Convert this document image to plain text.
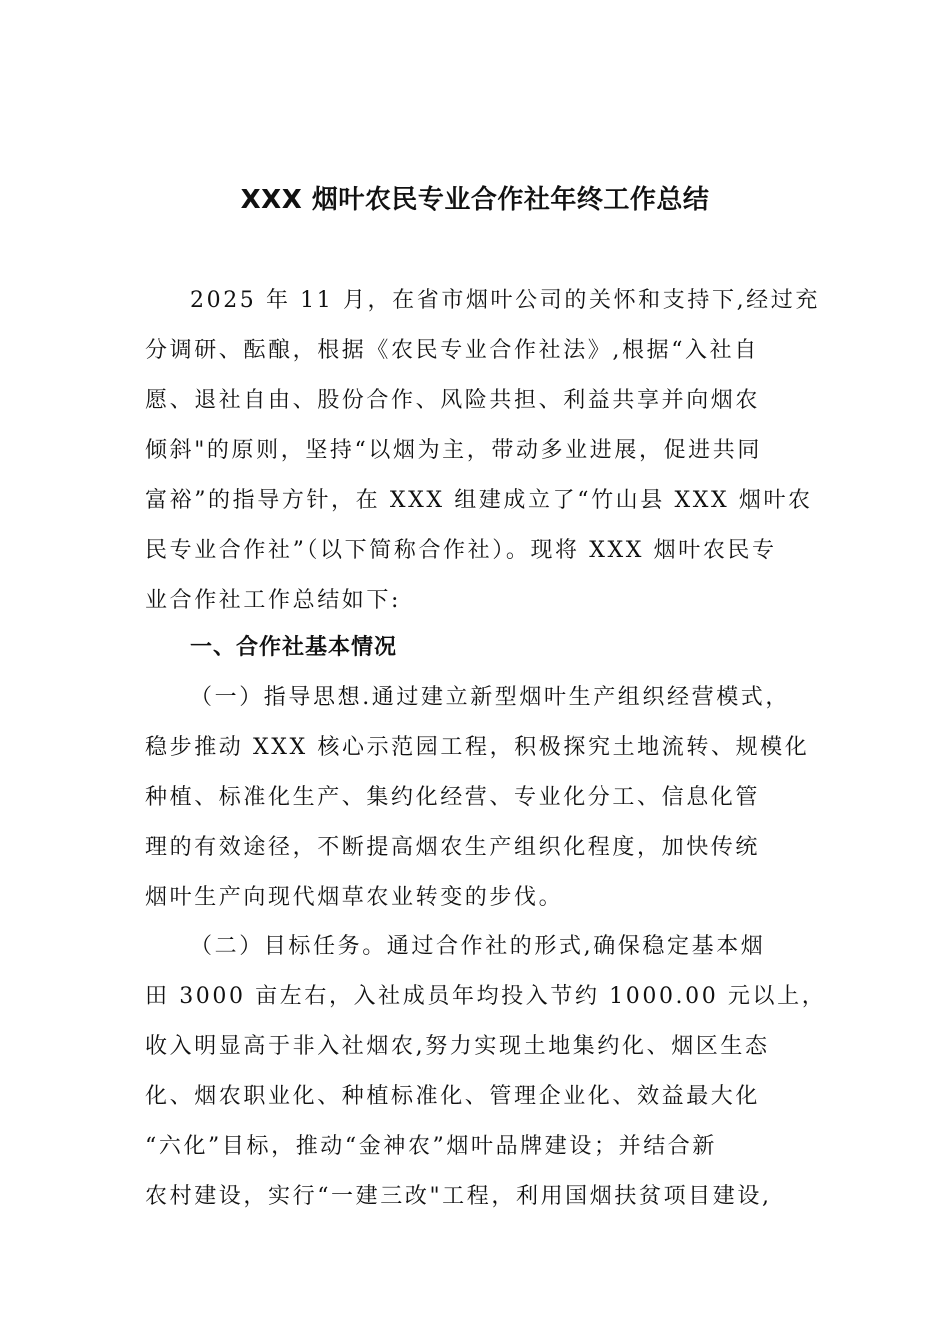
XXX 烟叶农民专业合作社年终工作总结

2025 年 11 月，在省市烟叶公司的关怀和支持下,经过充

分调研、酝酿，根据《农民专业合作社法》,根据“入社自

愿、退社自由、股份合作、风险共担、利益共享并向烟农

倾斜"的原则，坚持“以烟为主，带动多业进展，促进共同

富裕”的指导方针，在 XXX 组建成立了“竹山县 XXX 烟叶农

民专业合作社”（以下简称合作社）。现将 XXX 烟叶农民专

业合作社工作总结如下:

一、合作社基本情况

（一）指导思想.通过建立新型烟叶生产组织经营模式，

稳步推动 XXX 核心示范园工程，积极探究土地流转、规模化

种植、标准化生产、集约化经营、专业化分工、信息化管

理的有效途径，不断提高烟农生产组织化程度，加快传统

烟叶生产向现代烟草农业转变的步伐。

（二）目标任务。通过合作社的形式,确保稳定基本烟

田 3000 亩左右，入社成员年均投入节约 1000.00 元以上，

收入明显高于非入社烟农,努力实现土地集约化、烟区生态

化、烟农职业化、种植标准化、管理企业化、效益最大化

“六化”目标，推动“金神农”烟叶品牌建设；并结合新

农村建设，实行“一建三改"工程，利用国烟扶贫项目建设,
